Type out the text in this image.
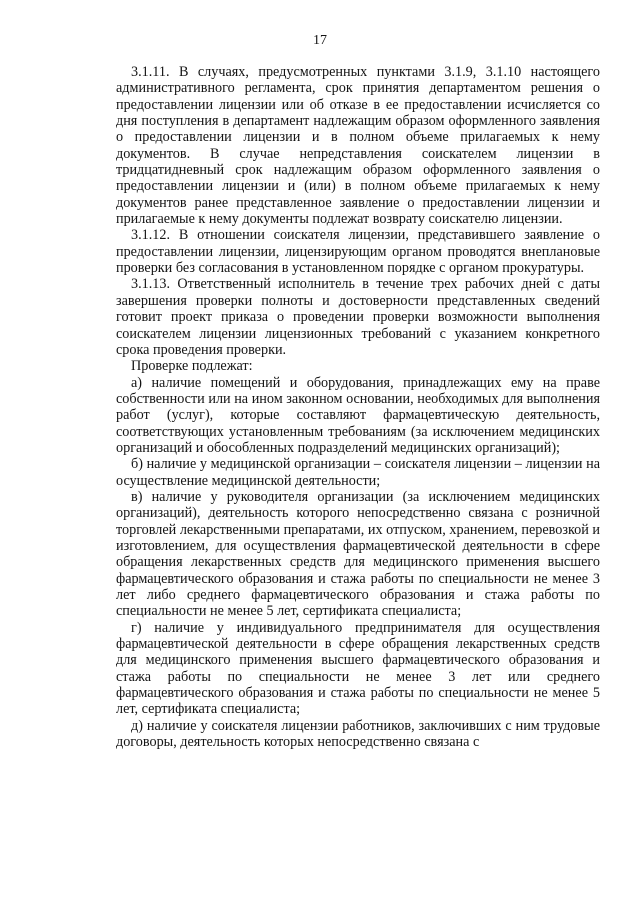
17

3.1.11. В случаях, предусмотренных пунктами 3.1.9, 3.1.10 настоящего административного регламента, срок принятия департаментом решения о предоставлении лицензии или об отказе в ее предоставлении исчисляется со дня поступления в департамент надлежащим образом оформленного заявления о предоставлении лицензии и в полном объеме прилагаемых к нему документов. В случае непредставления соискателем лицензии в тридцатидневный срок надлежащим образом оформленного заявления о предоставлении лицензии и (или) в полном объеме прилагаемых к нему документов ранее представленное заявление о предоставлении лицензии и прилагаемые к нему документы подлежат возврату соискателю лицензии.

3.1.12. В отношении соискателя лицензии, представившего заявление о предоставлении лицензии, лицензирующим органом проводятся внеплановые проверки без согласования в установленном порядке с органом прокуратуры.

3.1.13. Ответственный исполнитель в течение трех рабочих дней с даты завершения проверки полноты и достоверности представленных сведений готовит проект приказа о проведении проверки возможности выполнения соискателем лицензии лицензионных требований с указанием конкретного срока проведения проверки.

Проверке подлежат:

а) наличие помещений и оборудования, принадлежащих ему на праве собственности или на ином законном основании, необходимых для выполнения работ (услуг), которые составляют фармацевтическую деятельность, соответствующих установленным требованиям (за исключением медицинских организаций и обособленных подразделений медицинских организаций);

б) наличие у медицинской организации – соискателя лицензии – лицензии на осуществление медицинской деятельности;

в) наличие у руководителя организации (за исключением медицинских организаций), деятельность которого непосредственно связана с розничной торговлей лекарственными препаратами, их отпуском, хранением, перевозкой и изготовлением, для осуществления фармацевтической деятельности в сфере обращения лекарственных средств для медицинского применения высшего фармацевтического образования и стажа работы по специальности не менее 3 лет либо среднего фармацевтического образования и стажа работы по специальности не менее 5 лет, сертификата специалиста;

г) наличие у индивидуального предпринимателя для осуществления фармацевтической деятельности в сфере обращения лекарственных средств для медицинского применения высшего фармацевтического образования и стажа работы по специальности не менее 3 лет или среднего фармацевтического образования и стажа работы по специальности не менее 5 лет, сертификата специалиста;

д) наличие у соискателя лицензии работников, заключивших с ним трудовые договоры, деятельность которых непосредственно связана с
